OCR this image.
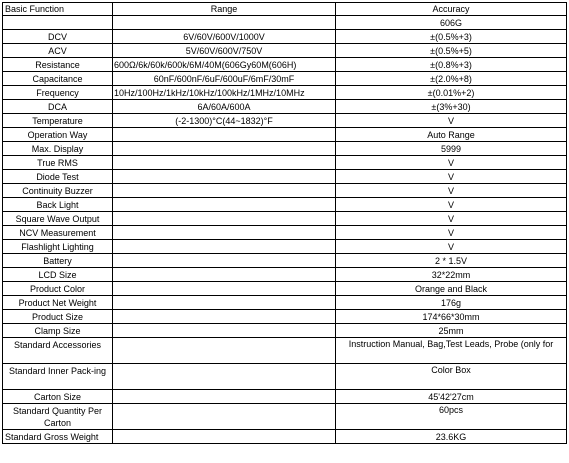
Basic Function	Range	Accuracy
		606G
DCV	6V/60V/600V/1000V	±(0.5%+3)
ACV	5V/60V/600V/750V	±(0.5%+5)
Resistance	600Ω/6k/60k/600k/6M/40M(606Gy60M(606H)	±(0.8%+3)
Capacitance	60nF/600nF/6uF/600uF/6mF/30mF	±(2.0%+8)
Frequency	10Hz/100Hz/1kHz/10kHz/100kHz/1MHz/10MHz	±(0.01%+2)
DCA	6A/60A/600A	±(3%+30)
Temperature	(-2-1300)°C(44~1832)°F	V
Operation Way		Auto Range
Max. Display		5999
True RMS		V
Diode Test		V
Continuity Buzzer		V
Back Light		V
Square Wave Output		V
NCV Measurement		V
Flashlight Lighting		V
Battery		2 * 1.5V
LCD Size		32*22mm
Product Color		Orange and Black
Product Net Weight		176g
Product Size		174*66*30mm
Clamp Size		25mm
Standard Accessories		Instruction Manual, Bag,Test Leads, Probe (only for
Standard Inner Pack-ing		Color Box
Carton Size		45'42'27cm
Standard Quantity Per Carton		60pcs
Standard Gross Weight		23.6KG
